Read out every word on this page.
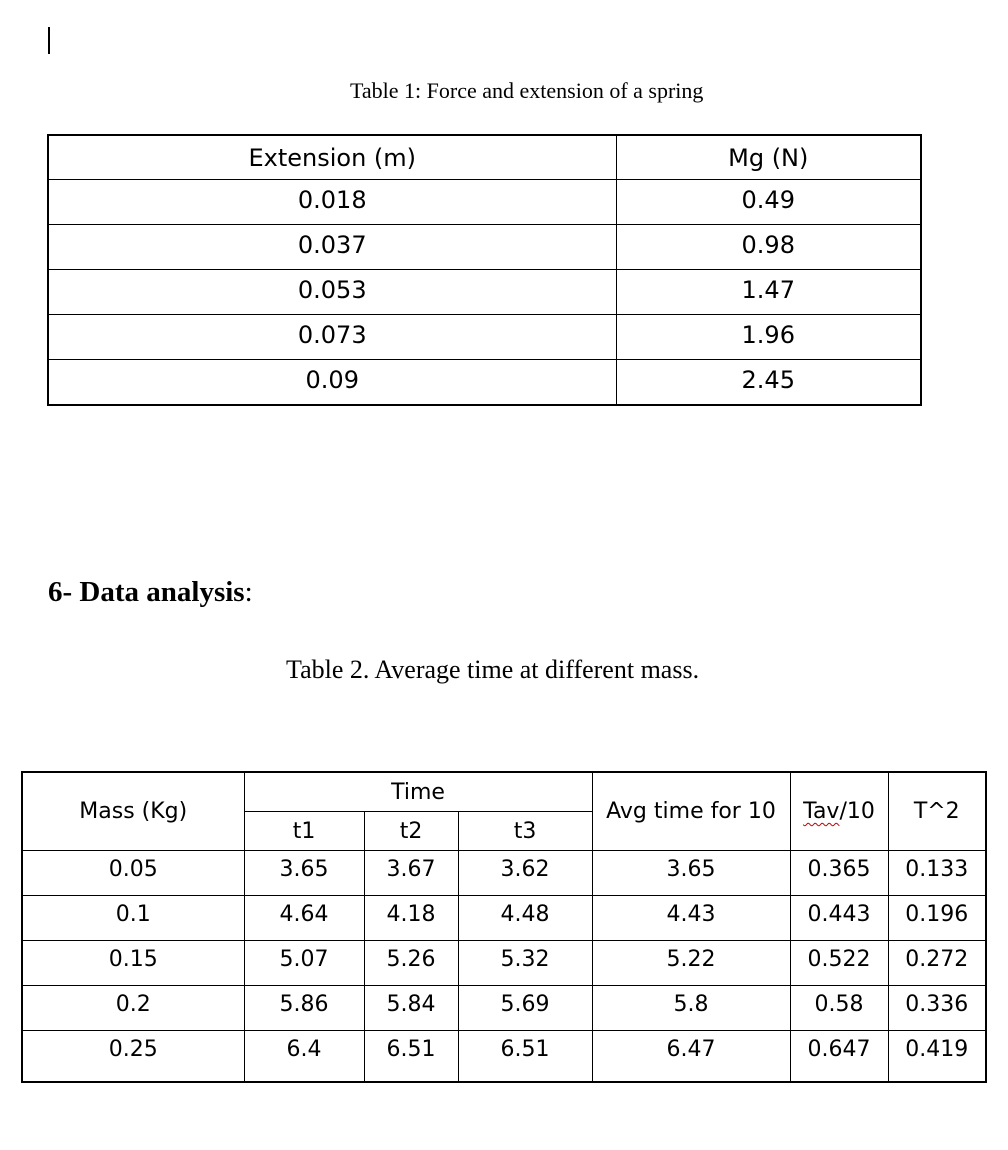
Table 1: Force and extension of a spring
Extension (m)	Mg (N)
0.018	0.49
0.037	0.98
0.053	1.47
0.073	1.96
0.09	2.45
6- Data analysis:
Table 2. Average time at different mass.
Mass (Kg)	Time			Avg time for 10	Tav/10	T^2
	t1	t2	t3			
0.05	3.65	3.67	3.62	3.65	0.365	0.133
0.1	4.64	4.18	4.48	4.43	0.443	0.196
0.15	5.07	5.26	5.32	5.22	0.522	0.272
0.2	5.86	5.84	5.69	5.8	0.58	0.336
0.25	6.4	6.51	6.51	6.47	0.647	0.419
